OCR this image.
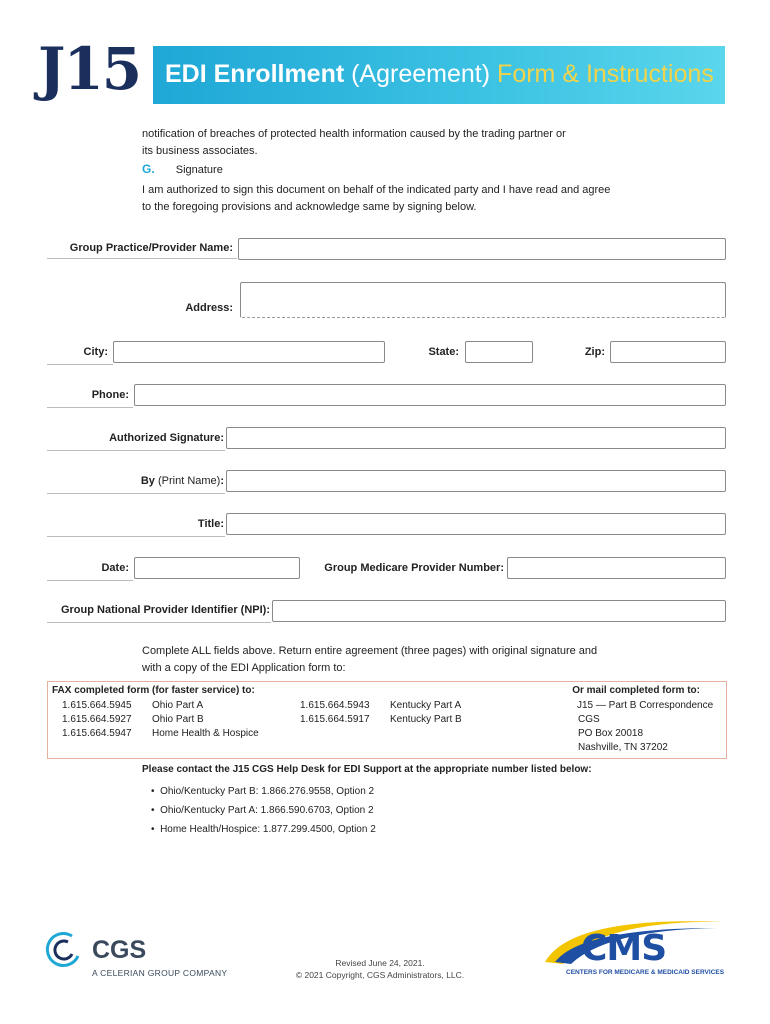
J15 EDI Enrollment (Agreement) Form & Instructions
notification of breaches of protected health information caused by the trading partner or
its business associates.
G. Signature
I am authorized to sign this document on behalf of the indicated party and I have read and agree
to the foregoing provisions and acknowledge same by signing below.
Group Practice/Provider Name:
Address:
City:	State:	Zip:
Phone:
Authorized Signature:
By (Print Name):
Title:
Date:	Group Medicare Provider Number:
Group National Provider Identifier (NPI):
Complete ALL fields above. Return entire agreement (three pages) with original signature and
with a copy of the EDI Application form to:
FAX completed form (for faster service) to:
1.615.664.5945 Ohio Part A
1.615.664.5927 Ohio Part B
1.615.664.5947 Home Health & Hospice
1.615.664.5943 Kentucky Part A
1.615.664.5917 Kentucky Part B
Or mail completed form to:
J15 — Part B Correspondence
CGS
PO Box 20018
Nashville, TN 37202
Please contact the J15 CGS Help Desk for EDI Support at the appropriate number listed below:
•  Ohio/Kentucky Part B: 1.866.276.9558, Option 2
•  Ohio/Kentucky Part A: 1.866.590.6703, Option 2
•  Home Health/Hospice: 1.877.299.4500, Option 2
CGS
A CELERIAN GROUP COMPANY
Revised June 24, 2021.
© 2021 Copyright, CGS Administrators, LLC.
CMS
CENTERS FOR MEDICARE & MEDICAID SERVICES
